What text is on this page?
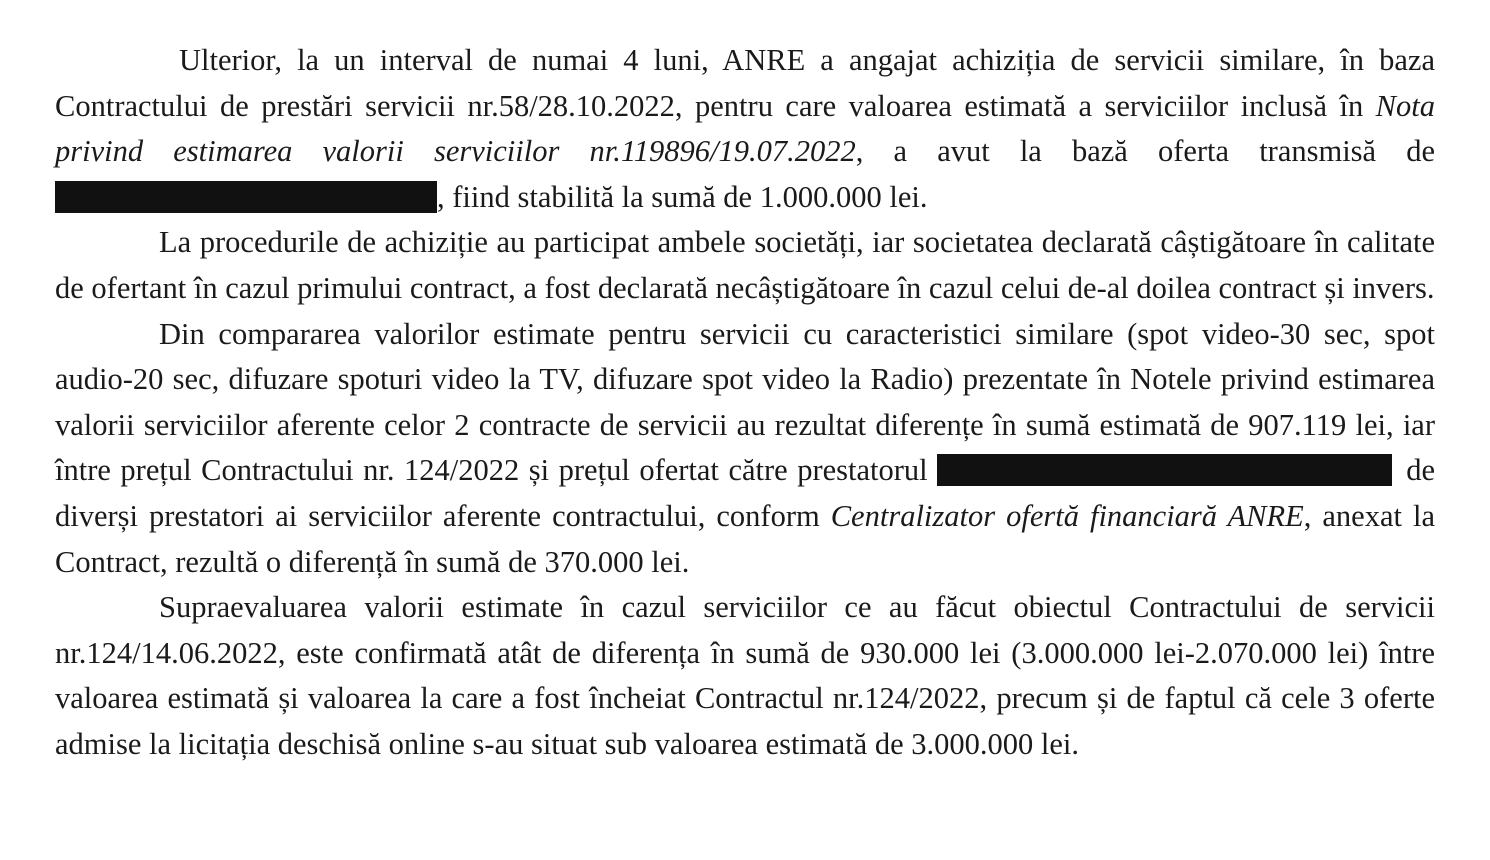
Ulterior, la un interval de numai 4 luni, ANRE a angajat achiziția de servicii similare, în baza Contractului de prestări servicii nr.58/28.10.2022, pentru care valoarea estimată a serviciilor inclusă în Nota privind estimarea valorii serviciilor nr.119896/19.07.2022, a avut la bază oferta transmisă de , fiind stabilită la sumă de 1.000.000 lei.

La procedurile de achiziție au participat ambele societăți, iar societatea declarată câștigătoare în calitate de ofertant în cazul primului contract, a fost declarată necâștigătoare în cazul celui de-al doilea contract și invers.

Din compararea valorilor estimate pentru servicii cu caracteristici similare (spot video-30 sec, spot audio-20 sec, difuzare spoturi video la TV, difuzare spot video la Radio) prezentate în Notele privind estimarea valorii serviciilor aferente celor 2 contracte de servicii au rezultat diferențe în sumă estimată de 907.119 lei, iar între prețul Contractului nr. 124/2022 și prețul ofertat către prestatorul	de diverși prestatori ai serviciilor aferente contractului, conform Centralizator ofertă financiară ANRE, anexat la Contract, rezultă o diferență în sumă de 370.000 lei.

Supraevaluarea valorii estimate în cazul serviciilor ce au făcut obiectul Contractului de servicii nr.124/14.06.2022, este confirmată atât de diferența în sumă de 930.000 lei (3.000.000 lei-2.070.000 lei) între valoarea estimată și valoarea la care a fost încheiat Contractul nr.124/2022, precum și de faptul că cele 3 oferte admise la licitația deschisă online s-au situat sub valoarea estimată de 3.000.000 lei.
